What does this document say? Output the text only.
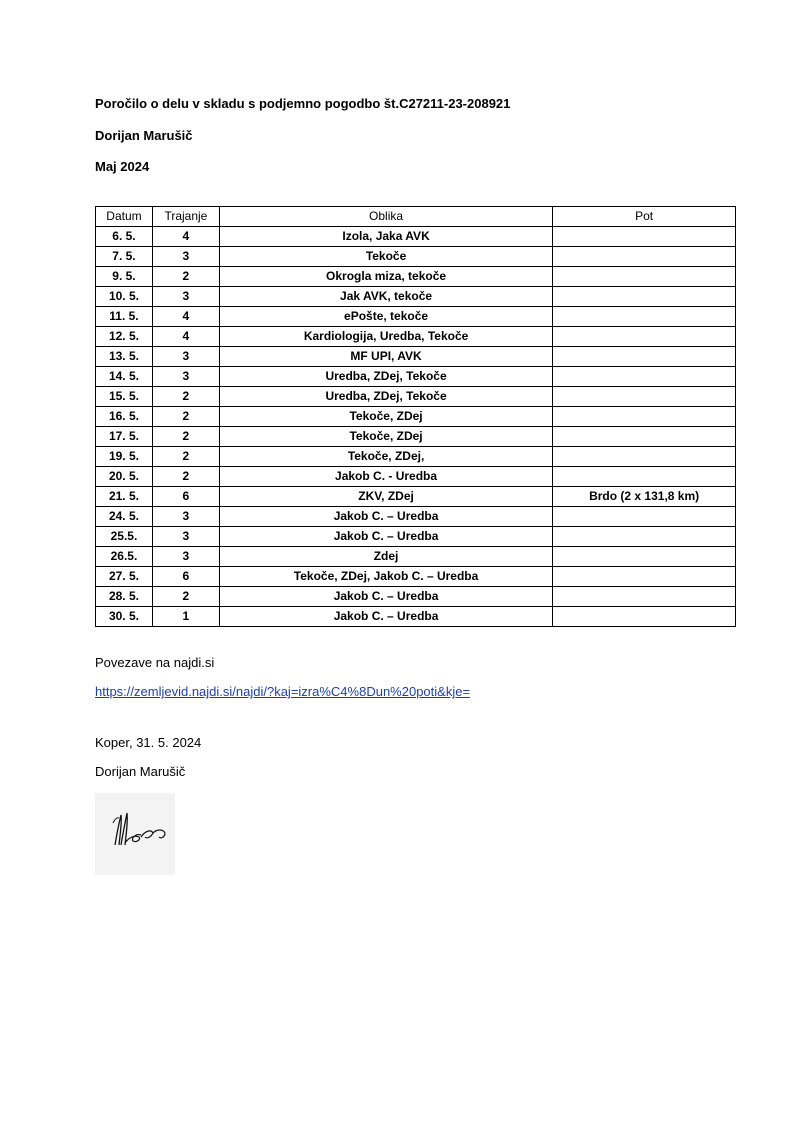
Poročilo o delu v skladu s podjemno pogodbo št.C27211-23-208921
Dorijan Marušič
Maj 2024
Datum	Trajanje	Oblika	Pot
6. 5.	4	Izola, Jaka AVK	
7. 5.	3	Tekoče	
9. 5.	2	Okrogla miza, tekoče	
10. 5.	3	Jak AVK, tekoče	
11. 5.	4	ePošte, tekoče	
12. 5.	4	Kardiologija, Uredba, Tekoče	
13. 5.	3	MF UPI, AVK	
14. 5.	3	Uredba, ZDej, Tekoče	
15. 5.	2	Uredba, ZDej, Tekoče	
16. 5.	2	Tekoče, ZDej	
17. 5.	2	Tekoče, ZDej	
19. 5.	2	Tekoče, ZDej,	
20. 5.	2	Jakob C. - Uredba	
21. 5.	6	ZKV, ZDej	Brdo (2 x 131,8 km)
24. 5.	3	Jakob C. – Uredba	
25.5.	3	Jakob C. – Uredba	
26.5.	3	Zdej	
27. 5.	6	Tekoče, ZDej, Jakob C. – Uredba	
28. 5.	2	Jakob C. – Uredba	
30. 5.	1	Jakob C. – Uredba	
Povezave na najdi.si
https://zemljevid.najdi.si/najdi/?kaj=izra%C4%8Dun%20poti&kje=
Koper, 31. 5. 2024
Dorijan Marušič
